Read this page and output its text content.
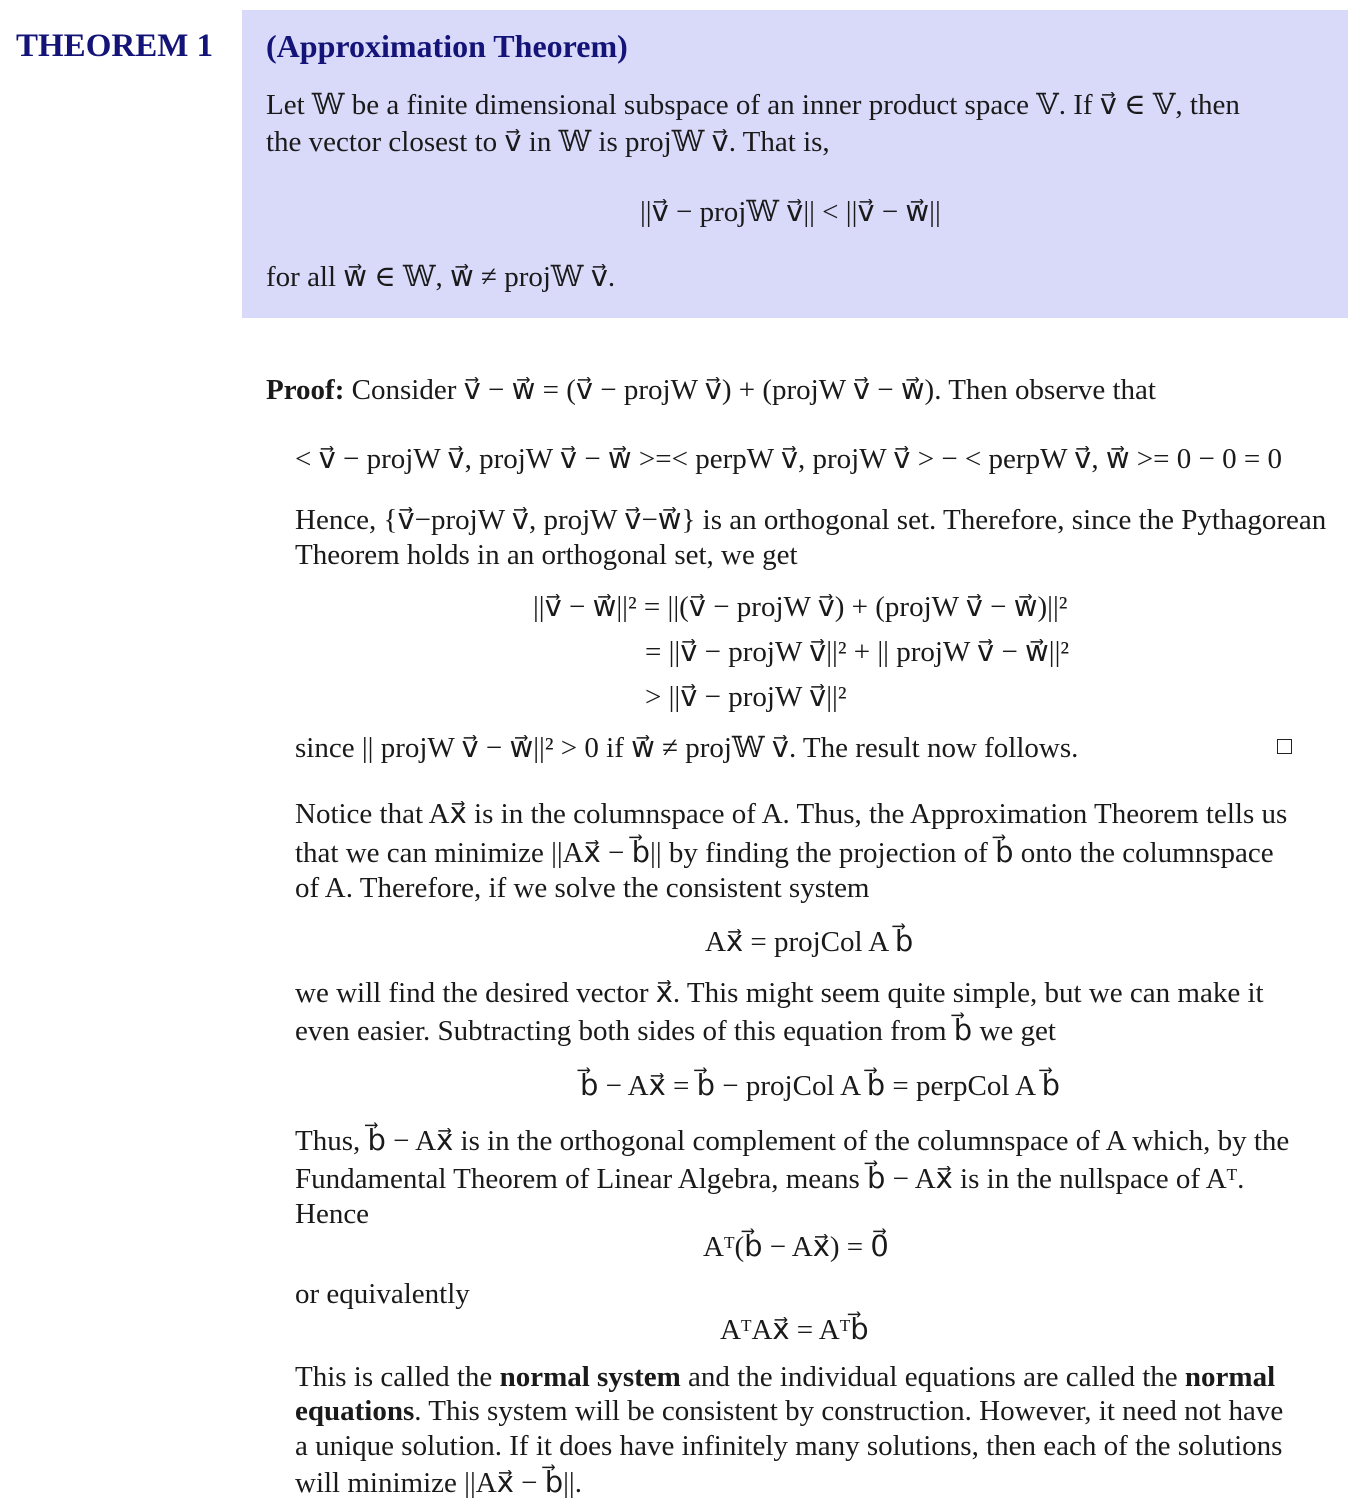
THEOREM 1 (Approximation Theorem)
Let 𝕎 be a finite dimensional subspace of an inner product space 𝕍. If v⃗ ∈ 𝕍, then
the vector closest to v⃗ in 𝕎 is proj𝕎 v⃗. That is,
||v⃗ − proj𝕎 v⃗|| < ||v⃗ − w⃗||
for all w⃗ ∈ 𝕎, w⃗ ≠ proj𝕎 v⃗.
Proof: Consider v⃗ − w⃗ = (v⃗ − projW v⃗) + (projW v⃗ − w⃗). Then observe that
< v⃗ − projW v⃗, projW v⃗ − w⃗ >=< perpW v⃗, projW v⃗ > − < perpW v⃗, w⃗ >= 0 − 0 = 0
Hence, {v⃗−projW v⃗, projW v⃗−w⃗} is an orthogonal set. Therefore, since the Pythagorean
Theorem holds in an orthogonal set, we get
||v⃗ − w⃗||² = ||(v⃗ − projW v⃗) + (projW v⃗ − w⃗)||²
= ||v⃗ − projW v⃗||² + || projW v⃗ − w⃗||²
> ||v⃗ − projW v⃗||²
since || projW v⃗ − w⃗||² > 0 if w⃗ ≠ proj𝕎 v⃗. The result now follows.
Notice that Ax⃗ is in the columnspace of A. Thus, the Approximation Theorem tells us
that we can minimize ||Ax⃗ − b⃗|| by finding the projection of b⃗ onto the columnspace
of A. Therefore, if we solve the consistent system
Ax⃗ = projCol A b⃗
we will find the desired vector x⃗. This might seem quite simple, but we can make it
even easier. Subtracting both sides of this equation from b⃗ we get
b⃗ − Ax⃗ = b⃗ − projCol A b⃗ = perpCol A b⃗
Thus, b⃗ − Ax⃗ is in the orthogonal complement of the columnspace of A which, by the
Fundamental Theorem of Linear Algebra, means b⃗ − Ax⃗ is in the nullspace of Aᵀ.
Hence
Aᵀ(b⃗ − Ax⃗) = 0⃗
or equivalently
AᵀAx⃗ = Aᵀb⃗
This is called the normal system and the individual equations are called the normal
equations. This system will be consistent by construction. However, it need not have
a unique solution. If it does have infinitely many solutions, then each of the solutions
will minimize ||Ax⃗ − b⃗||.
